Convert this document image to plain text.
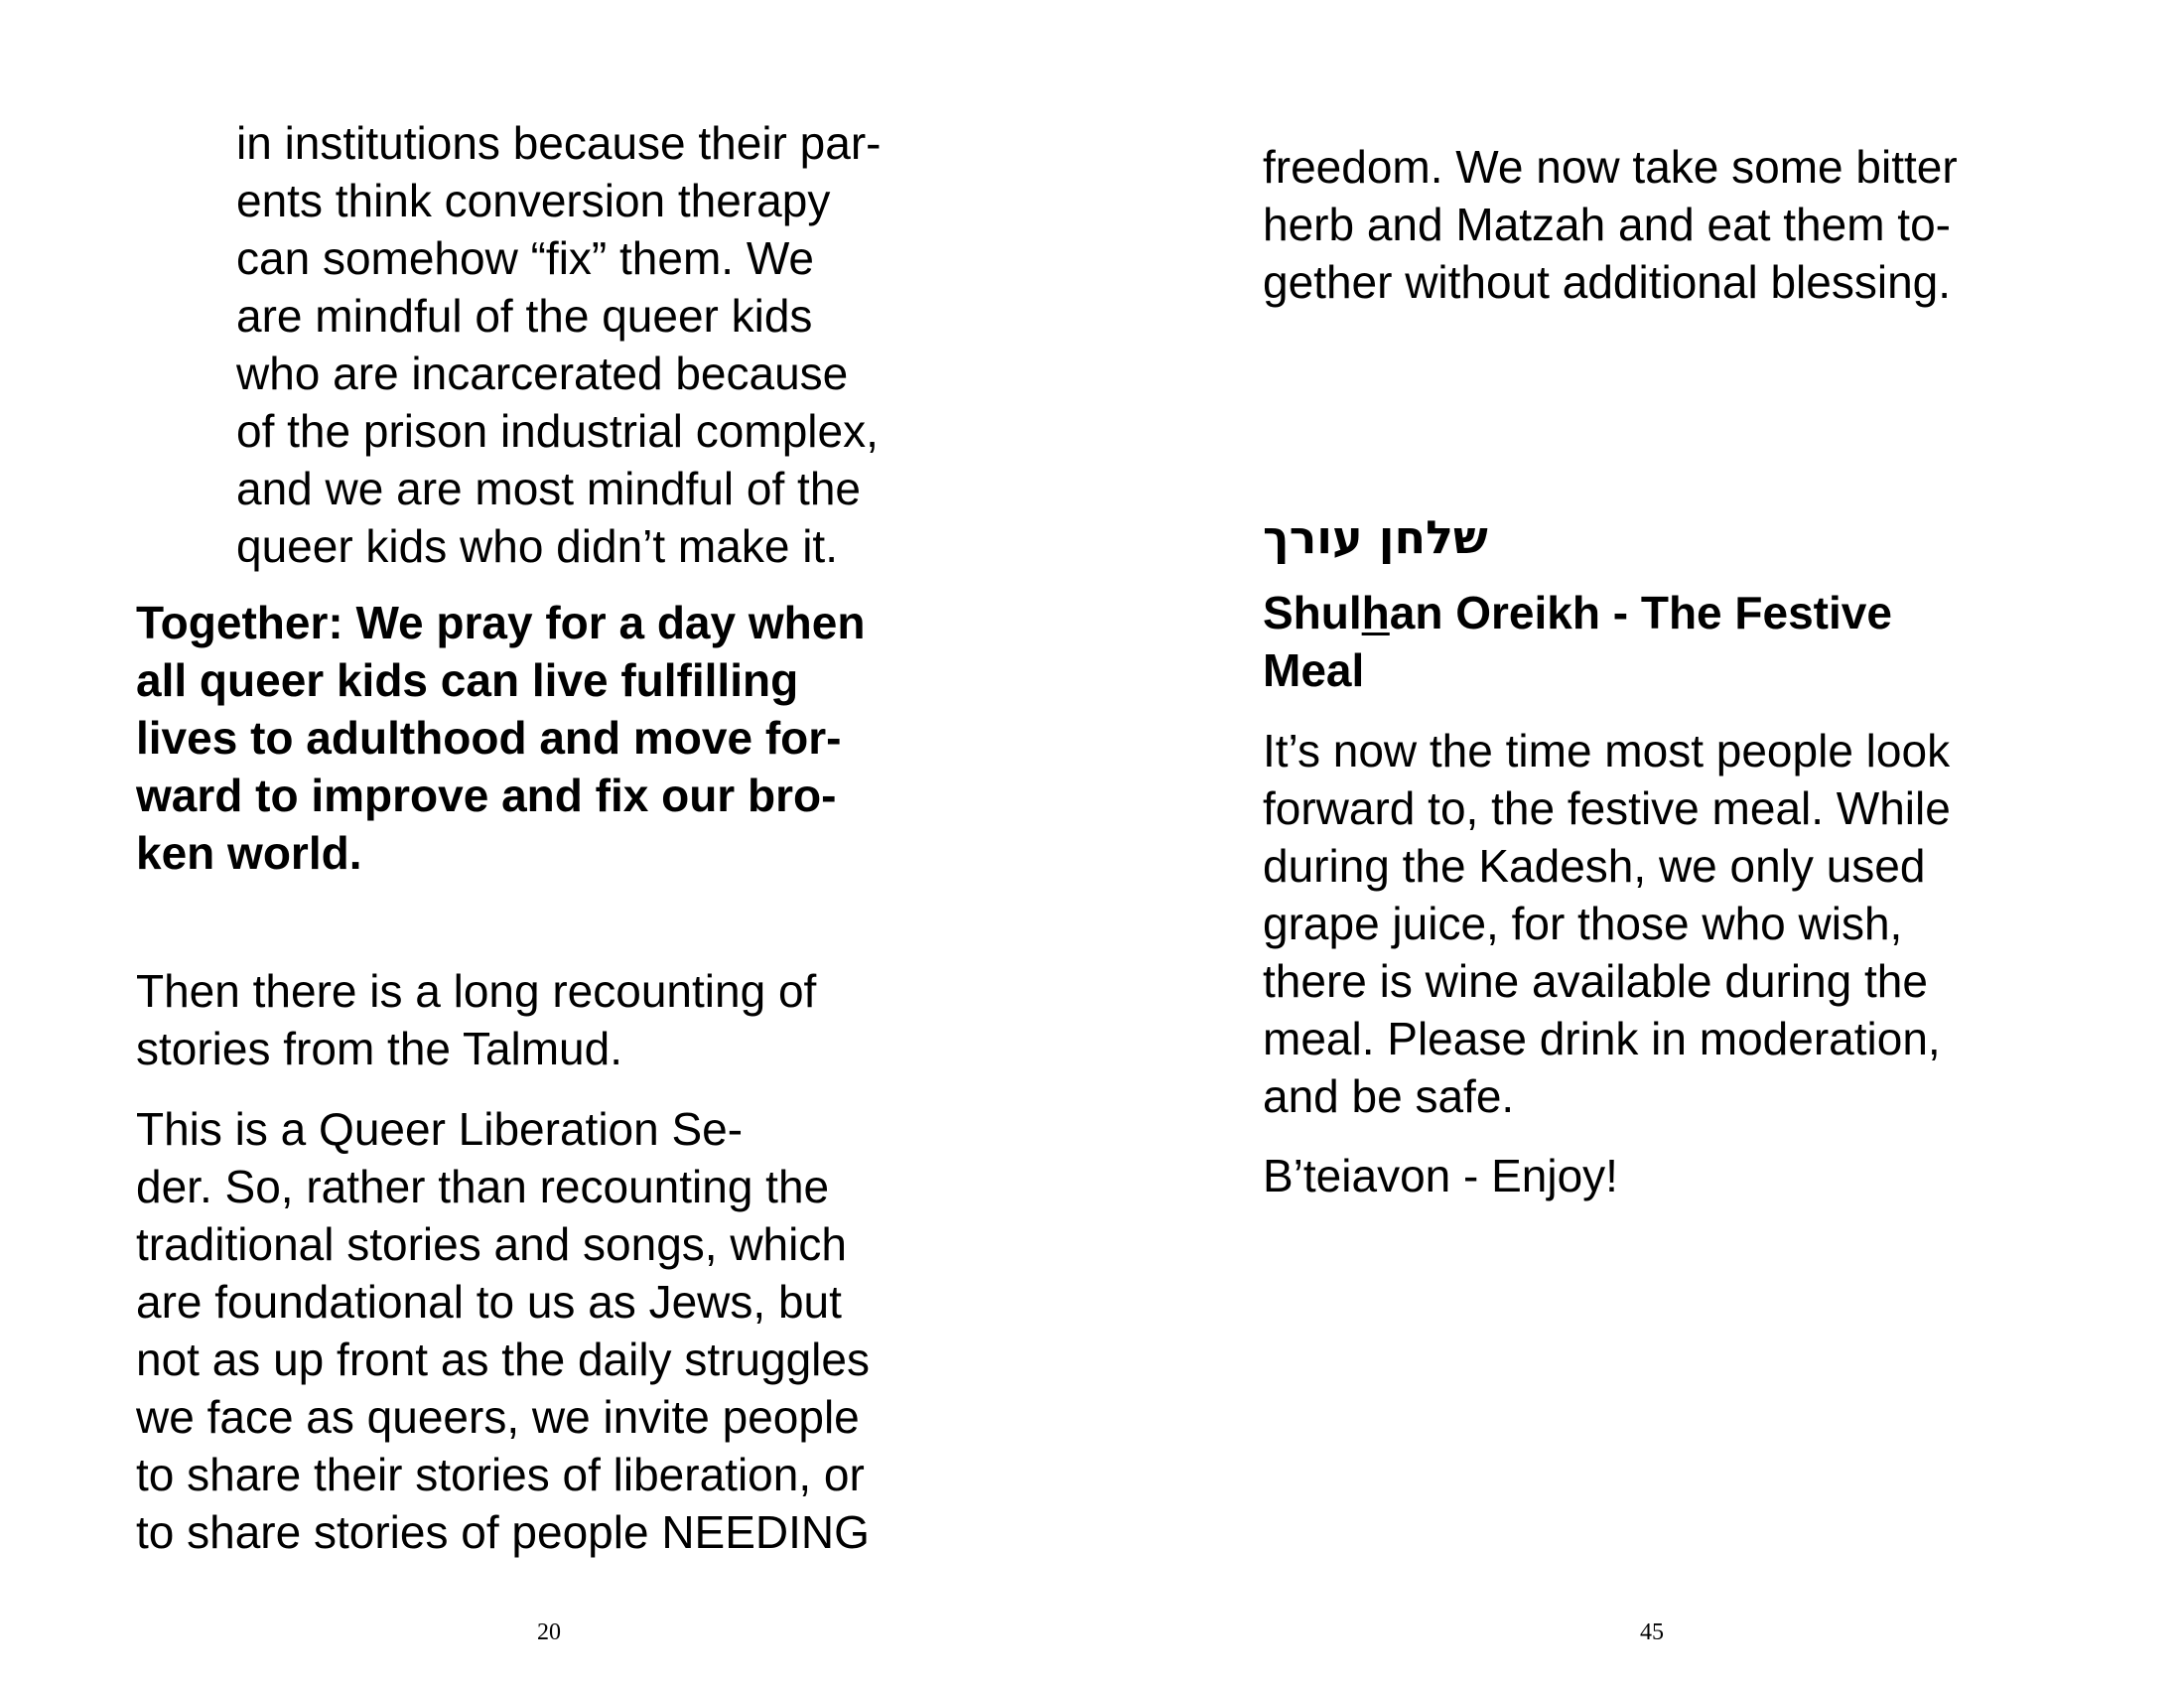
in institutions because their par-
ents think conversion therapy
can somehow “fix” them. We
are mindful of the queer kids
who are incarcerated because
of the prison industrial complex,
and we are most mindful of the
queer kids who didn’t make it.
Together: We pray for a day when
all queer kids can live fulfilling
lives to adulthood and move for-
ward to improve and fix our bro-
ken world.
Then there is a long recounting of
stories from the Talmud.
This is a Queer Liberation Se-
der. So, rather than recounting the
traditional stories and songs, which
are foundational to us as Jews, but
not as up front as the daily struggles
we face as queers, we invite people
to share their stories of liberation, or
to share stories of people NEEDING
20
freedom. We now take some bitter
herb and Matzah and eat them to-
gether without additional blessing.
שלחן עורך
Shulhan Oreikh - The Festive
Meal
It’s now the time most people look
forward to, the festive meal. While
during the Kadesh, we only used
grape juice, for those who wish,
there is wine available during the
meal. Please drink in moderation,
and be safe.
B’teiavon - Enjoy!
45
